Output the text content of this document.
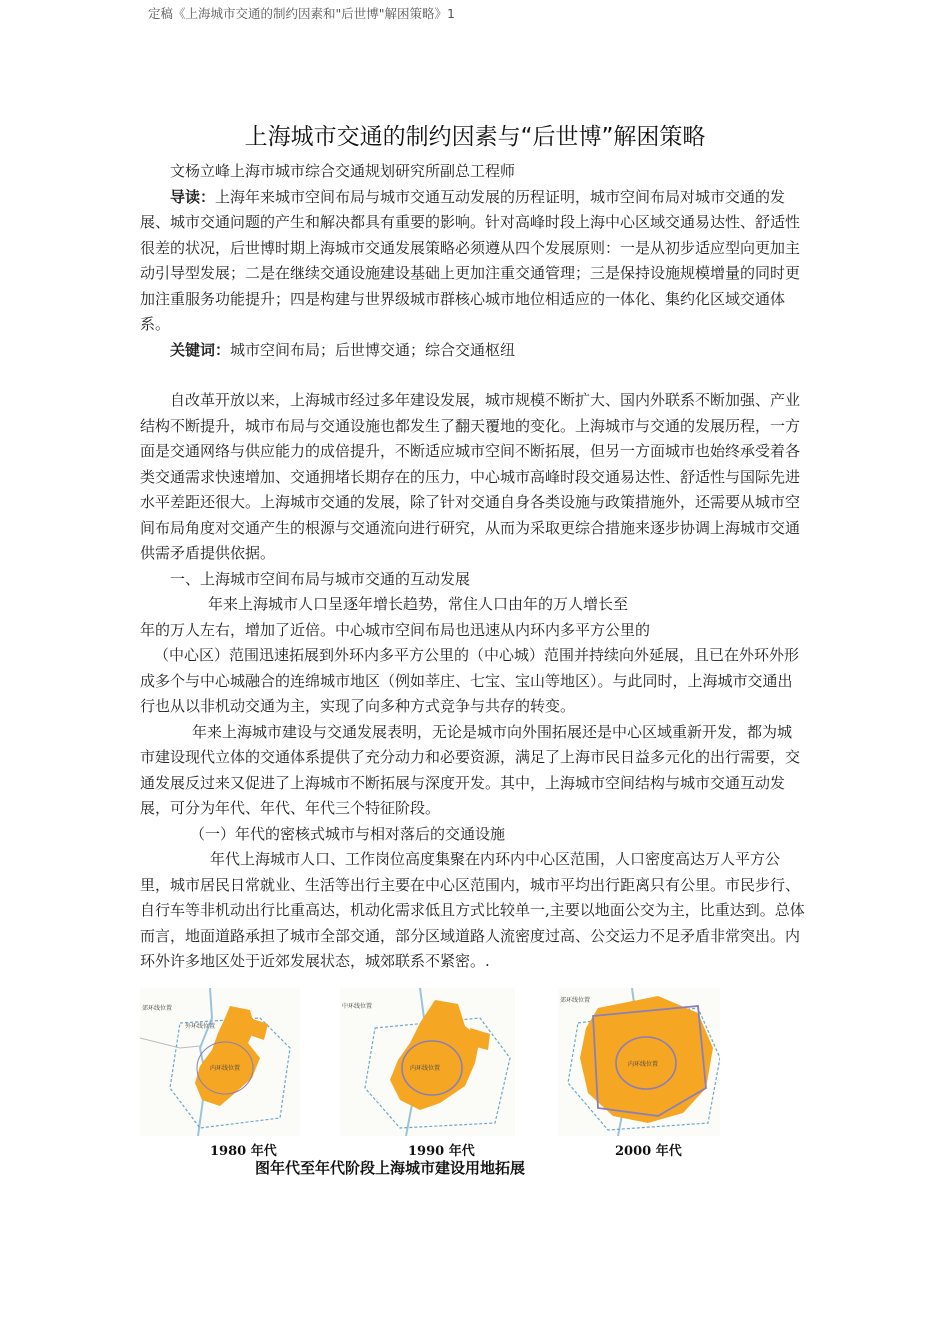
定稿《上海城市交通的制约因素和"后世博"解困策略》1
上海城市交通的制约因素与“后世博”解困策略

文杨立峰上海市城市综合交通规划研究所副总工程师

导读：上海年来城市空间布局与城市交通互动发展的历程证明，城市空间布局对城市交通的发展、城市交通问题的产生和解决都具有重要的影响。针对高峰时段上海中心区域交通易达性、舒适性很差的状况，后世博时期上海城市交通发展策略必须遵从四个发展原则：一是从初步适应型向更加主动引导型发展；二是在继续交通设施建设基础上更加注重交通管理；三是保持设施规模增量的同时更加注重服务功能提升；四是构建与世界级城市群核心城市地位相适应的一体化、集约化区域交通体系。

关键词：城市空间布局；后世博交通；综合交通枢纽

自改革开放以来，上海城市经过多年建设发展，城市规模不断扩大、国内外联系不断加强、产业结构不断提升，城市布局与交通设施也都发生了翻天覆地的变化。上海城市与交通的发展历程，一方面是交通网络与供应能力的成倍提升，不断适应城市空间不断拓展，但另一方面城市也始终承受着各类交通需求快速增加、交通拥堵长期存在的压力，中心城市高峰时段交通易达性、舒适性与国际先进水平差距还很大。上海城市交通的发展，除了针对交通自身各类设施与政策措施外，还需要从城市空间布局角度对交通产生的根源与交通流向进行研究，从而为采取更综合措施来逐步协调上海城市交通供需矛盾提供依据。

一、上海城市空间布局与城市交通的互动发展

年来上海城市人口呈逐年增长趋势，常住人口由年的万人增长至

年的万人左右，增加了近倍。中心城市空间布局也迅速从内环内多平方公里的

（中心区）范围迅速拓展到外环内多平方公里的（中心城）范围并持续向外延展，且已在外环外形成多个与中心城融合的连绵城市地区（例如莘庄、七宝、宝山等地区）。与此同时，上海城市交通出行也从以非机动交通为主，实现了向多种方式竞争与共存的转变。

年来上海城市建设与交通发展表明，无论是城市向外围拓展还是中心区域重新开发，都为城市建设现代立体的交通体系提供了充分动力和必要资源，满足了上海市民日益多元化的出行需要，交通发展反过来又促进了上海城市不断拓展与深度开发。其中，上海城市空间结构与城市交通互动发展，可分为年代、年代、年代三个特征阶段。

（一）年代的密核式城市与相对落后的交通设施

年代上海城市人口、工作岗位高度集聚在内环内中心区范围，人口密度高达万人平方公里，城市居民日常就业、生活等出行主要在中心区范围内，城市平均出行距离只有公里。市民步行、自行车等非机动出行比重高达，机动化需求低且方式比较单一,主要以地面公交为主，比重达到。总体而言，地面道路承担了城市全部交通，部分区域道路人流密度过高、公交运力不足矛盾非常突出。内环外许多地区处于近郊发展状态，城郊联系不紧密。.

郊环线位置
外环线位置
内环线位置
1980 年代
中环线位置
内环线位置
1990 年代
郊环线位置
内环线位置
2000 年代
图年代至年代阶段上海城市建设用地拓展
